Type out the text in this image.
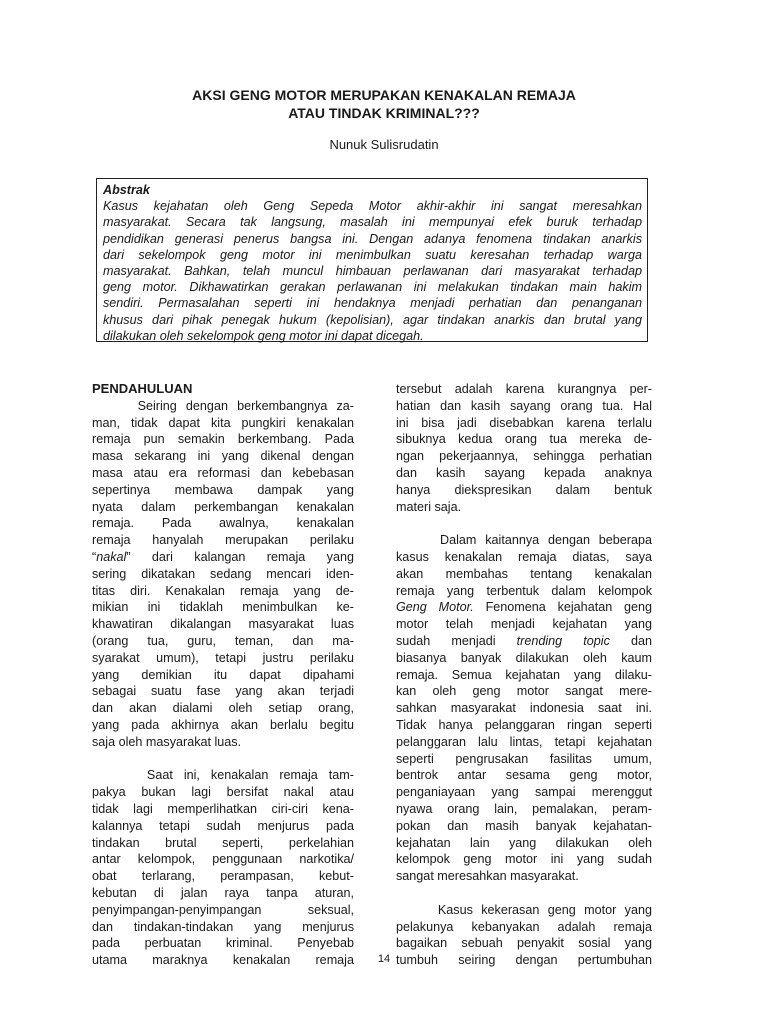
AKSI GENG MOTOR MERUPAKAN KENAKALAN REMAJA
ATAU TINDAK KRIMINAL???
Nunuk Sulisrudatin
Abstrak
Kasus kejahatan oleh Geng Sepeda Motor akhir-akhir ini sangat meresahkan
masyarakat. Secara tak langsung, masalah ini mempunyai efek buruk terhadap
pendidikan generasi penerus bangsa ini. Dengan adanya fenomena tindakan anarkis
dari sekelompok geng motor ini menimbulkan suatu keresahan terhadap warga
masyarakat. Bahkan, telah muncul himbauan perlawanan dari masyarakat terhadap
geng motor. Dikhawatirkan gerakan perlawanan ini melakukan tindakan main hakim
sendiri. Permasalahan seperti ini hendaknya menjadi perhatian dan penanganan
khusus dari pihak penegak hukum (kepolisian), agar tindakan anarkis dan brutal yang
dilakukan oleh sekelompok geng motor ini dapat dicegah.
PENDAHULUAN
Seiring dengan berkembangnya za-
man, tidak dapat kita pungkiri kenakalan
remaja pun semakin berkembang. Pada
masa sekarang ini yang dikenal dengan
masa atau era reformasi dan kebebasan
sepertinya membawa dampak yang
nyata dalam perkembangan kenakalan
remaja. Pada awalnya, kenakalan
remaja hanyalah merupakan perilaku
“nakal” dari kalangan remaja yang
sering dikatakan sedang mencari iden-
titas diri. Kenakalan remaja yang de-
mikian ini tidaklah menimbulkan ke-
khawatiran dikalangan masyarakat luas
(orang tua, guru, teman, dan ma-
syarakat umum), tetapi justru perilaku
yang demikian itu dapat dipahami
sebagai suatu fase yang akan terjadi
dan akan dialami oleh setiap orang,
yang pada akhirnya akan berlalu begitu
saja oleh masyarakat luas.
Saat ini, kenakalan remaja tam-
pakya bukan lagi bersifat nakal atau
tidak lagi memperlihatkan ciri-ciri kena-
kalannya tetapi sudah menjurus pada
tindakan brutal seperti, perkelahian
antar kelompok, penggunaan narkotika/
obat terlarang, perampasan, kebut-
kebutan di jalan raya tanpa aturan,
penyimpangan-penyimpangan seksual,
dan tindakan-tindakan yang menjurus
pada perbuatan kriminal. Penyebab
utama maraknya kenakalan remaja
tersebut adalah karena kurangnya per-
hatian dan kasih sayang orang tua. Hal
ini bisa jadi disebabkan karena terlalu
sibuknya kedua orang tua mereka de-
ngan pekerjaannya, sehingga perhatian
dan kasih sayang kepada anaknya
hanya diekspresikan dalam bentuk
materi saja.
Dalam kaitannya dengan beberapa
kasus kenakalan remaja diatas, saya
akan membahas tentang kenakalan
remaja yang terbentuk dalam kelompok
Geng Motor. Fenomena kejahatan geng
motor telah menjadi kejahatan yang
sudah menjadi trending topic dan
biasanya banyak dilakukan oleh kaum
remaja. Semua kejahatan yang dilaku-
kan oleh geng motor sangat mere-
sahkan masyarakat indonesia saat ini.
Tidak hanya pelanggaran ringan seperti
pelanggaran lalu lintas, tetapi kejahatan
seperti pengrusakan fasilitas umum,
bentrok antar sesama geng motor,
penganiayaan yang sampai merenggut
nyawa orang lain, pemalakan, peram-
pokan dan masih banyak kejahatan-
kejahatan lain yang dilakukan oleh
kelompok geng motor ini yang sudah
sangat meresahkan masyarakat.
Kasus kekerasan geng motor yang
pelakunya kebanyakan adalah remaja
bagaikan sebuah penyakit sosial yang
tumbuh seiring dengan pertumbuhan
14
